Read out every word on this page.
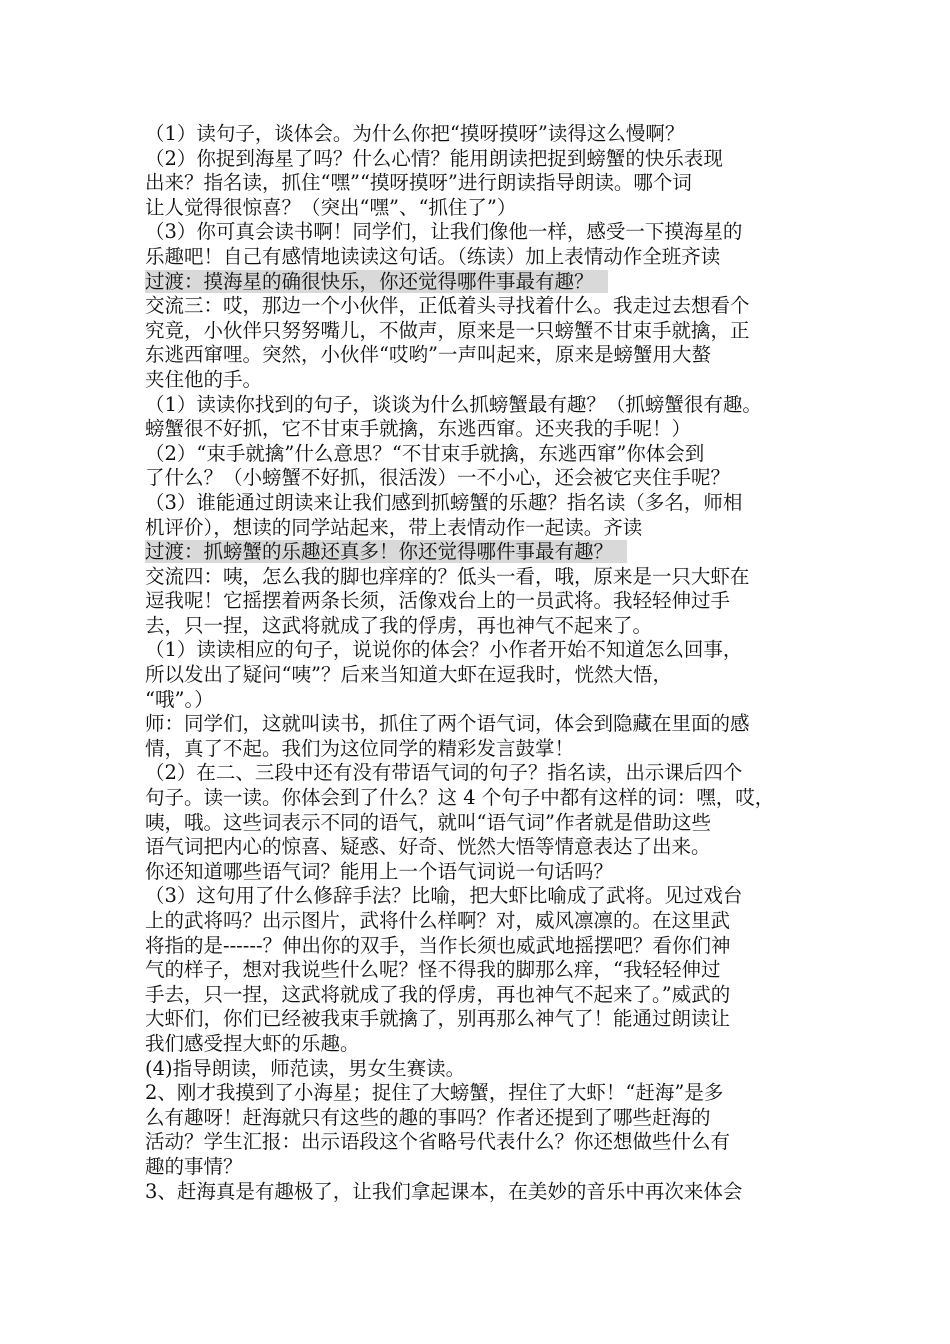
（1）读句子，谈体会。为什么你把“摸呀摸呀”读得这么慢啊？
（2）你捉到海星了吗？什么心情？能用朗读把捉到螃蟹的快乐表现
出来？指名读，抓住“嘿”“摸呀摸呀”进行朗读指导朗读。哪个词
让人觉得很惊喜？（突出“嘿”、“抓住了”）
（3）你可真会读书啊！同学们，让我们像他一样，感受一下摸海星的
乐趣吧！自己有感情地读读这句话。（练读）加上表情动作全班齐读
过渡：摸海星的确很快乐，你还觉得哪件事最有趣？
交流三：哎，那边一个小伙伴，正低着头寻找着什么。我走过去想看个
究竟，小伙伴只努努嘴儿，不做声，原来是一只螃蟹不甘束手就擒，正
东逃西窜哩。突然，小伙伴“哎哟”一声叫起来，原来是螃蟹用大螯
夹住他的手。
（1）读读你找到的句子，谈谈为什么抓螃蟹最有趣？（抓螃蟹很有趣。
螃蟹很不好抓，它不甘束手就擒，东逃西窜。还夹我的手呢！）
（2）“束手就擒”什么意思？“不甘束手就擒，东逃西窜”你体会到
了什么？（小螃蟹不好抓，很活泼）一不小心，还会被它夹住手呢？
（3）谁能通过朗读来让我们感到抓螃蟹的乐趣？指名读（多名，师相
机评价），想读的同学站起来，带上表情动作一起读。齐读
过渡：抓螃蟹的乐趣还真多！你还觉得哪件事最有趣？
交流四：咦，怎么我的脚也痒痒的？低头一看，哦，原来是一只大虾在
逗我呢！它摇摆着两条长须，活像戏台上的一员武将。我轻轻伸过手
去，只一捏，这武将就成了我的俘虏，再也神气不起来了。
（1）读读相应的句子，说说你的体会？小作者开始不知道怎么回事，
所以发出了疑问“咦”？后来当知道大虾在逗我时，恍然大悟，
“哦”。）
师：同学们，这就叫读书，抓住了两个语气词，体会到隐藏在里面的感
情，真了不起。我们为这位同学的精彩发言鼓掌！
（2）在二、三段中还有没有带语气词的句子？指名读，出示课后四个
句子。读一读。你体会到了什么？这 4 个句子中都有这样的词：嘿，哎，
咦，哦。这些词表示不同的语气，就叫“语气词”作者就是借助这些
语气词把内心的惊喜、疑惑、好奇、恍然大悟等情意表达了出来。
你还知道哪些语气词？能用上一个语气词说一句话吗？
（3）这句用了什么修辞手法？比喻，把大虾比喻成了武将。见过戏台
上的武将吗？出示图片，武将什么样啊？对，威风凛凛的。在这里武
将指的是------？伸出你的双手，当作长须也威武地摇摆吧？看你们神
气的样子，想对我说些什么呢？怪不得我的脚那么痒，“我轻轻伸过
手去，只一捏，这武将就成了我的俘虏，再也神气不起来了。”威武的
大虾们，你们已经被我束手就擒了，别再那么神气了！能通过朗读让
我们感受捏大虾的乐趣。
(4)指导朗读，师范读，男女生赛读。
2、刚才我摸到了小海星；捉住了大螃蟹，捏住了大虾！“赶海”是多
么有趣呀！赶海就只有这些的趣的事吗？作者还提到了哪些赶海的
活动？学生汇报：出示语段这个省略号代表什么？你还想做些什么有
趣的事情？
3、赶海真是有趣极了，让我们拿起课本，在美妙的音乐中再次来体会
